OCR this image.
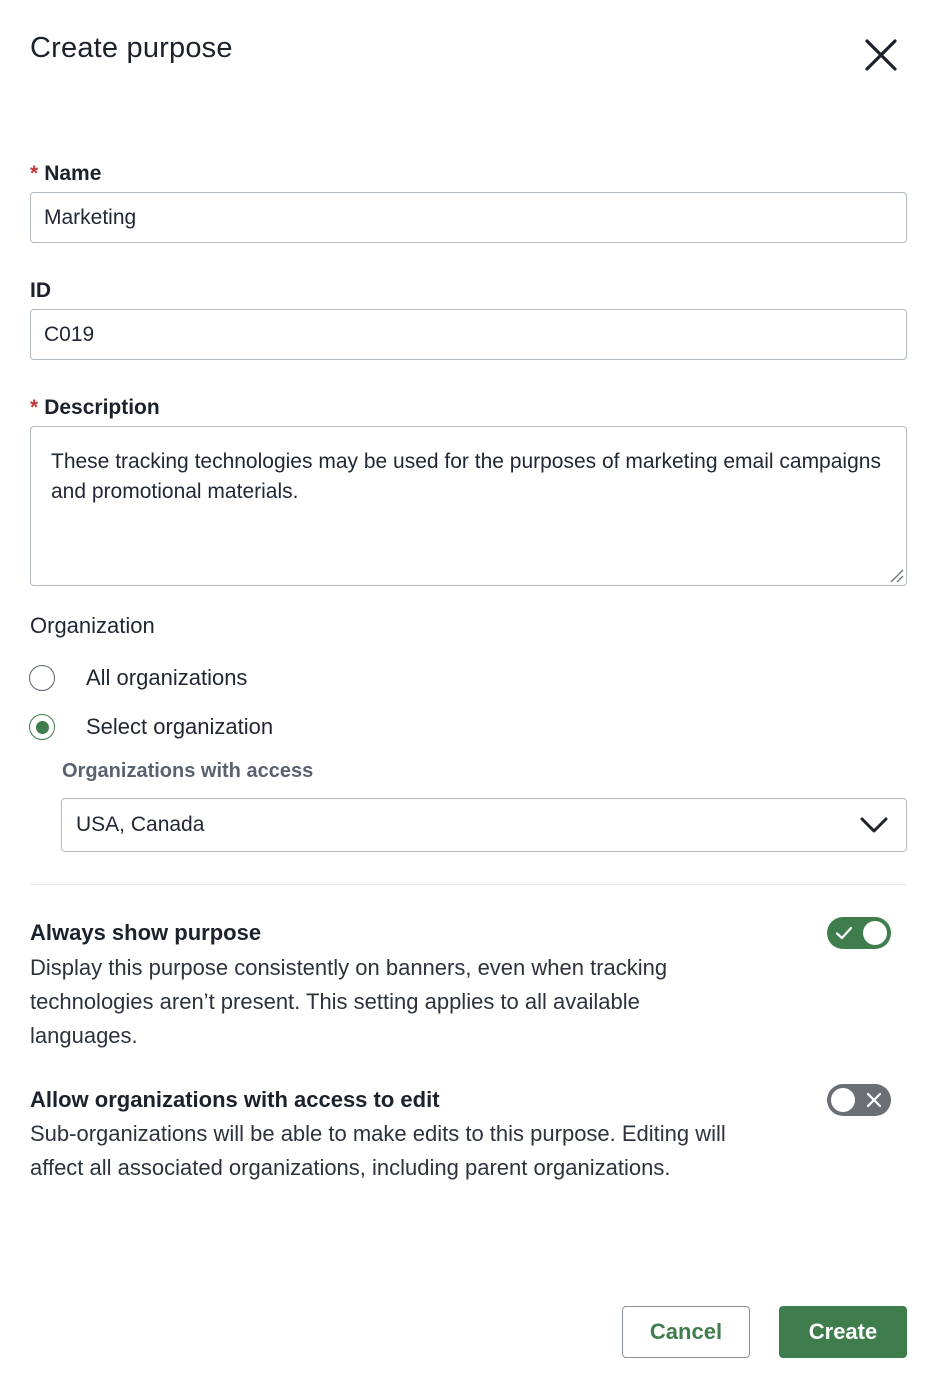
Create purpose
* Name
Marketing
ID
C019
* Description
These tracking technologies may be used for the purposes of marketing email campaigns and promotional materials.
Organization
All organizations
Select organization
Organizations with access
USA, Canada
Always show purpose
Display this purpose consistently on banners, even when tracking technologies aren’t present. This setting applies to all available languages.
Allow organizations with access to edit
Sub-organizations will be able to make edits to this purpose. Editing will affect all associated organizations, including parent organizations.
Cancel	Create
